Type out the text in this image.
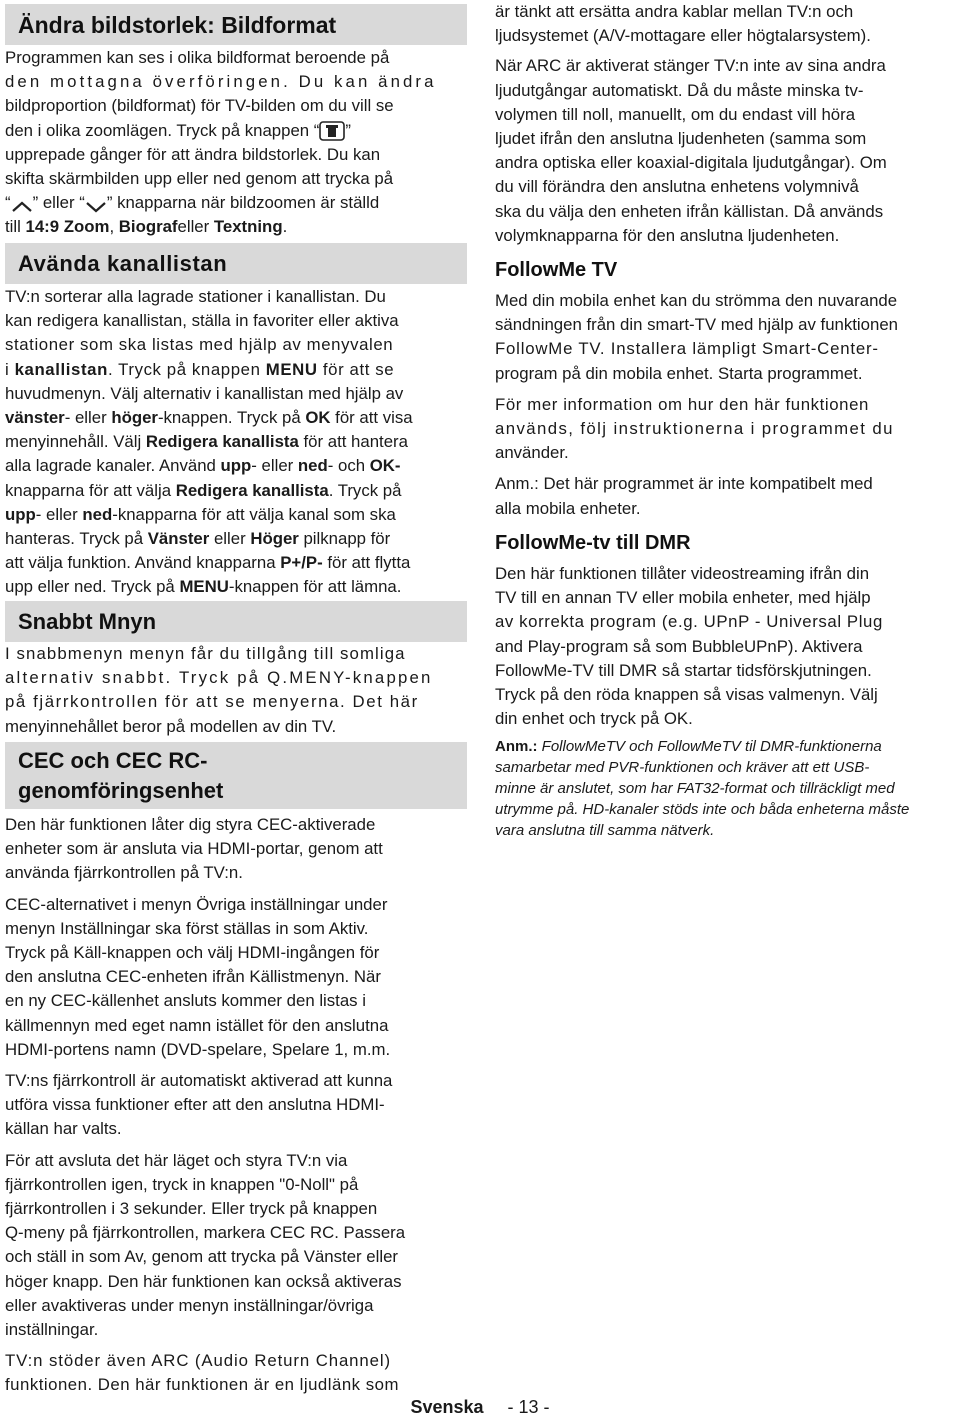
Ändra bildstorlek: Bildformat

Programmen kan ses i olika bildformat beroende på

den mottagna överföringen. Du kan ändra

bildproportion (bildformat) för TV-bilden om du vill se

den i olika zoomlägen. Tryck på knappen “ ”

upprepade gånger för att ändra bildstorlek. Du kan

skifta skärmbilden upp eller ned genom att trycka på

“ ” eller “ ” knapparna när bildzoomen är ställd

till 14:9 Zoom, Biografeller Textning.

Avända kanallistan

TV:n sorterar alla lagrade stationer i kanallistan. Du

kan redigera kanallistan, ställa in favoriter eller aktiva

stationer som ska listas med hjälp av menyvalen

i kanallistan. Tryck på knappen MENU för att se

huvudmenyn. Välj alternativ i kanallistan med hjälp av

vänster- eller höger-knappen. Tryck på OK för att visa

menyinnehåll. Välj Redigera kanallista för att hantera

alla lagrade kanaler. Använd upp- eller ned- och OK-

knapparna för att välja Redigera kanallista. Tryck på

upp- eller ned-knapparna för att välja kanal som ska

hanteras. Tryck på Vänster eller Höger pilknapp för

att välja funktion. Använd knapparna P+/P- för att flytta

upp eller ned. Tryck på MENU-knappen för att lämna.

Snabbt Mnyn

I snabbmenyn menyn får du tillgång till somliga

alternativ snabbt. Tryck på Q.MENY-knappen

på fjärrkontrollen för att se menyerna. Det här

menyinnehållet beror på modellen av din TV.

CEC och CEC RC-
genomföringsenhet

Den här funktionen låter dig styra CEC-aktiverade

enheter som är ansluta via HDMI-portar, genom att

använda fjärrkontrollen på TV:n.

CEC-alternativet i menyn Övriga inställningar under

menyn Inställningar ska först ställas in som Aktiv.

Tryck på Käll-knappen och välj HDMI-ingången för

den anslutna CEC-enheten ifrån Källistmenyn. När

en ny CEC-källenhet ansluts kommer den listas i

källmennyn med eget namn istället för den anslutna

HDMI-portens namn (DVD-spelare, Spelare 1, m.m.

TV:ns fjärrkontroll är automatiskt aktiverad att kunna

utföra vissa funktioner efter att den anslutna HDMI-

källan har valts.

För att avsluta det här läget och styra TV:n via

fjärrkontrollen igen, tryck in knappen "0-Noll" på

fjärrkontrollen i 3 sekunder. Eller tryck på knappen

Q-meny på fjärrkontrollen, markera CEC RC. Passera

och ställ in som Av, genom att trycka på Vänster eller

höger knapp. Den här funktionen kan också aktiveras

eller avaktiveras under menyn inställningar/övriga

inställningar.

TV:n stöder även ARC (Audio Return Channel)

funktionen. Den här funktionen är en ljudlänk som

är tänkt att ersätta andra kablar mellan TV:n och

ljudsystemet (A/V-mottagare eller högtalarsystem).

När ARC är aktiverat stänger TV:n inte av sina andra

ljudutgångar automatiskt. Då du måste minska tv-

volymen till noll, manuellt, om du endast vill höra

ljudet ifrån den anslutna ljudenheten (samma som

andra optiska eller koaxial-digitala ljudutgångar). Om

du vill förändra den anslutna enhetens volymnivå

ska du välja den enheten ifrån källistan. Då används

volymknapparna för den anslutna ljudenheten.

FollowMe TV

Med din mobila enhet kan du strömma den nuvarande

sändningen från din smart-TV med hjälp av funktionen

FollowMe TV. Installera lämpligt Smart-Center-

program på din mobila enhet. Starta programmet.

För mer information om hur den här funktionen

används, följ instruktionerna i programmet du

använder.

Anm.: Det här programmet är inte kompatibelt med

alla mobila enheter.

FollowMe-tv till DMR

Den här funktionen tillåter videostreaming ifrån din

TV till en annan TV eller mobila enheter, med hjälp

av korrekta program (e.g. UPnP - Universal Plug

and Play-program så som BubbleUPnP). Aktivera

FollowMe-TV till DMR så startar tidsförskjutningen.

Tryck på den röda knappen så visas valmenyn. Välj

din enhet och tryck på OK.

Anm.: FollowMeTV och FollowMeTV til DMR-funktionerna

samarbetar med PVR-funktionen och kräver att ett USB-

minne är anslutet, som har FAT32-format och tillräckligt med

utrymme på. HD-kanaler stöds inte och båda enheterna måste

vara anslutna till samma nätverk.

Svenska - 13 -
